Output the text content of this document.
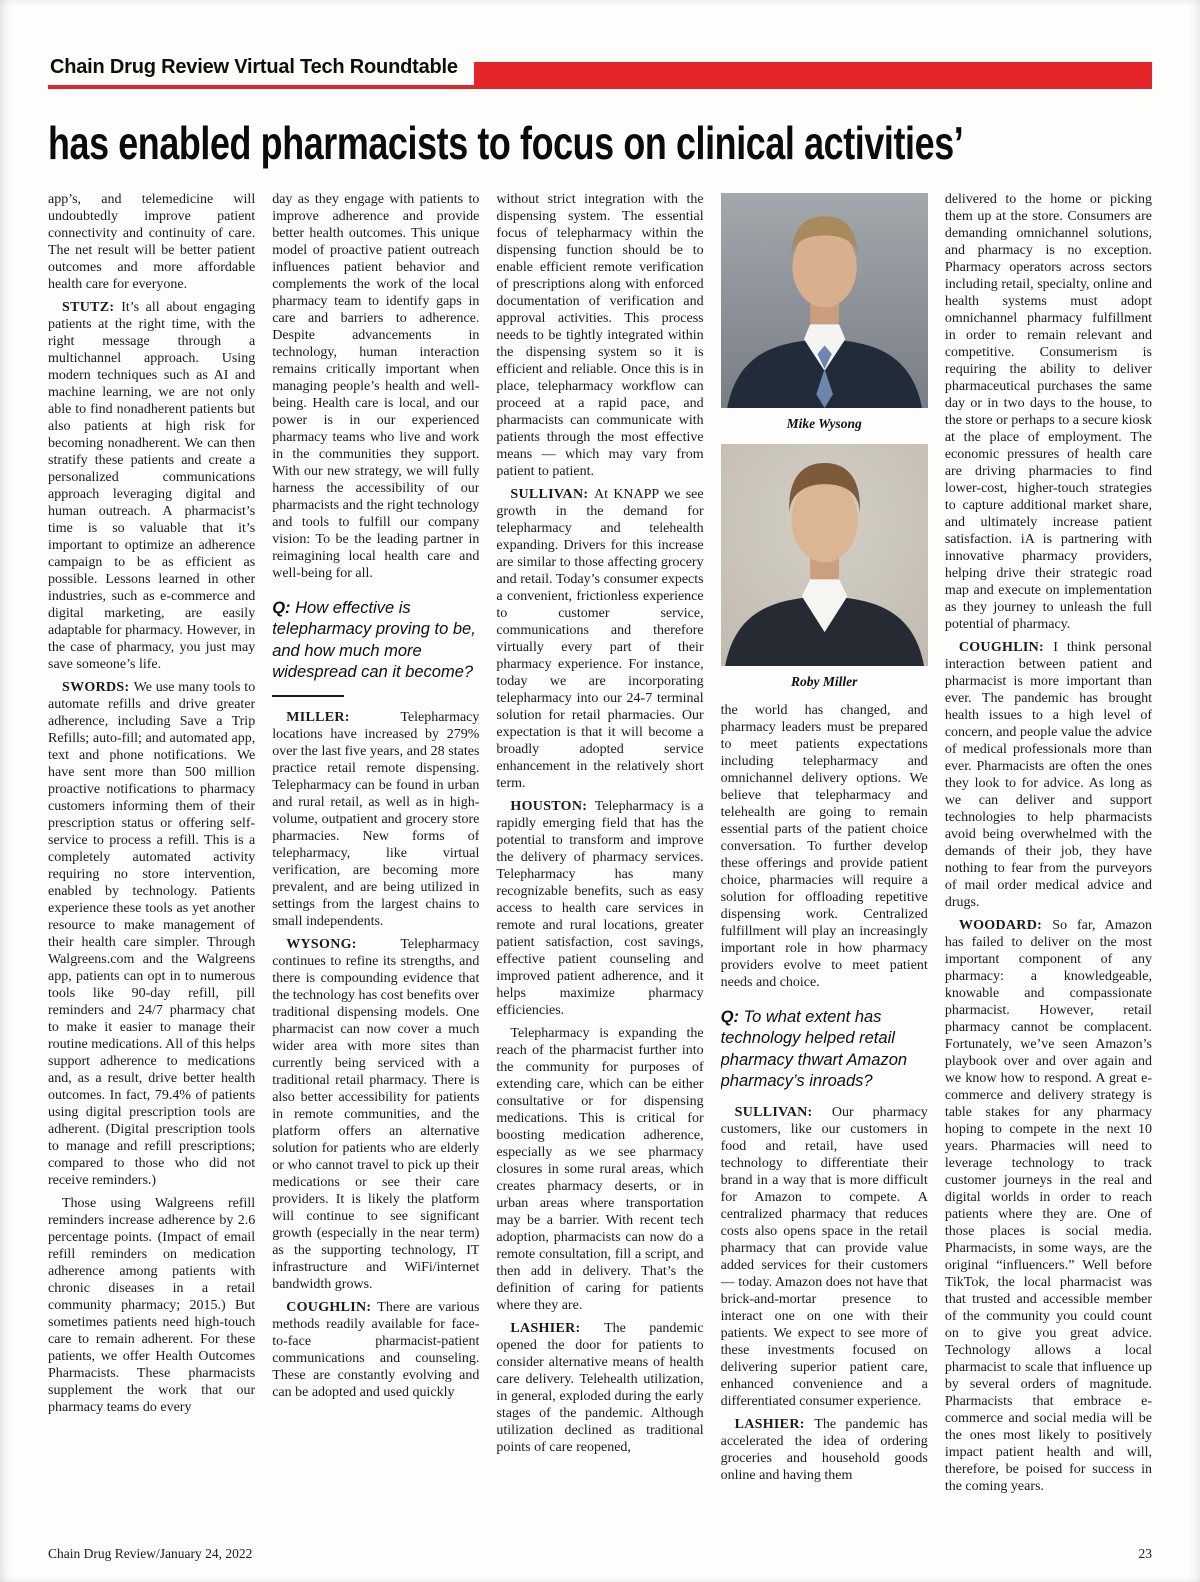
Chain Drug Review Virtual Tech Roundtable
has enabled pharmacists to focus on clinical activities’

app’s, and telemedicine will undoubtedly improve patient connectivity and continuity of care. The net result will be better patient outcomes and more affordable health care for everyone.

STUTZ: It’s all about engaging patients at the right time, with the right message through a multichannel approach. Using modern techniques such as AI and machine learning, we are not only able to find nonadherent patients but also patients at high risk for becoming nonadherent. We can then stratify these patients and create a personalized communications approach leveraging digital and human outreach. A pharmacist’s time is so valuable that it’s important to optimize an adherence campaign to be as efficient as possible. Lessons learned in other industries, such as e-commerce and digital marketing, are easily adaptable for pharmacy. However, in the case of pharmacy, you just may save someone’s life.

SWORDS: We use many tools to automate refills and drive greater adherence, including Save a Trip Refills; auto-fill; and automated app, text and phone notifications. We have sent more than 500 million proactive notifications to pharmacy customers informing them of their prescription status or offering self-service to process a refill. This is a completely automated activity requiring no store intervention, enabled by technology. Patients experience these tools as yet another resource to make management of their health care simpler. Through Walgreens.com and the Walgreens app, patients can opt in to numerous tools like 90-day refill, pill reminders and 24/7 pharmacy chat to make it easier to manage their routine medications. All of this helps support adherence to medications and, as a result, drive better health outcomes. In fact, 79.4% of patients using digital prescription tools are adherent. (Digital prescription tools to manage and refill prescriptions; compared to those who did not receive reminders.)

Those using Walgreens refill reminders increase adherence by 2.6 percentage points. (Impact of email refill reminders on medication adherence among patients with chronic diseases in a retail community pharmacy; 2015.) But sometimes patients need high-touch care to remain adherent. For these patients, we offer Health Outcomes Pharmacists. These pharmacists supplement the work that our pharmacy teams do every

day as they engage with patients to improve adherence and provide better health outcomes. This unique model of proactive patient outreach influences patient behavior and complements the work of the local pharmacy team to identify gaps in care and barriers to adherence. Despite advancements in technology, human interaction remains critically important when managing people’s health and well-being. Health care is local, and our power is in our experienced pharmacy teams who live and work in the communities they support. With our new strategy, we will fully harness the accessibility of our pharmacists and the right technology and tools to fulfill our company vision: To be the leading partner in reimagining local health care and well-being for all.

Q: How effective is telepharmacy proving to be, and how much more widespread can it become?

MILLER: Telepharmacy locations have increased by 279% over the last five years, and 28 states practice retail remote dispensing. Telepharmacy can be found in urban and rural retail, as well as in high-volume, outpatient and grocery store pharmacies. New forms of telepharmacy, like virtual verification, are becoming more prevalent, and are being utilized in settings from the largest chains to small independents.

WYSONG: Telepharmacy continues to refine its strengths, and there is compounding evidence that the technology has cost benefits over traditional dispensing models. One pharmacist can now cover a much wider area with more sites than currently being serviced with a traditional retail pharmacy. There is also better accessibility for patients in remote communities, and the platform offers an alternative solution for patients who are elderly or who cannot travel to pick up their medications or see their care providers. It is likely the platform will continue to see significant growth (especially in the near term) as the supporting technology, IT infrastructure and WiFi/internet bandwidth grows.

COUGHLIN: There are various methods readily available for face-to-face pharmacist-patient communications and counseling. These are constantly evolving and can be adopted and used quickly

without strict integration with the dispensing system. The essential focus of telepharmacy within the dispensing function should be to enable efficient remote verification of prescriptions along with enforced documentation of verification and approval activities. This process needs to be tightly integrated within the dispensing system so it is efficient and reliable. Once this is in place, telepharmacy workflow can proceed at a rapid pace, and pharmacists can communicate with patients through the most effective means — which may vary from patient to patient.

SULLIVAN: At KNAPP we see growth in the demand for telepharmacy and telehealth expanding. Drivers for this increase are similar to those affecting grocery and retail. Today’s consumer expects a convenient, frictionless experience to customer service, communications and therefore virtually every part of their pharmacy experience. For instance, today we are incorporating telepharmacy into our 24-7 terminal solution for retail pharmacies. Our expectation is that it will become a broadly adopted service enhancement in the relatively short term.

HOUSTON: Telepharmacy is a rapidly emerging field that has the potential to transform and improve the delivery of pharmacy services. Telepharmacy has many recognizable benefits, such as easy access to health care services in remote and rural locations, greater patient satisfaction, cost savings, effective patient counseling and improved patient adherence, and it helps maximize pharmacy efficiencies.

Telepharmacy is expanding the reach of the pharmacist further into the community for purposes of extending care, which can be either consultative or for dispensing medications. This is critical for boosting medication adherence, especially as we see pharmacy closures in some rural areas, which creates pharmacy deserts, or in urban areas where transportation may be a barrier. With recent tech adoption, pharmacists can now do a remote consultation, fill a script, and then add in delivery. That’s the definition of caring for patients where they are.

LASHIER: The pandemic opened the door for patients to consider alternative means of health care delivery. Telehealth utilization, in general, exploded during the early stages of the pandemic. Although utilization declined as traditional points of care reopened,

Mike Wysong
Roby Miller

the world has changed, and pharmacy leaders must be prepared to meet patients expectations including telepharmacy and omnichannel delivery options. We believe that telepharmacy and telehealth are going to remain essential parts of the patient choice conversation. To further develop these offerings and provide patient choice, pharmacies will require a solution for offloading repetitive dispensing work. Centralized fulfillment will play an increasingly important role in how pharmacy providers evolve to meet patient needs and choice.

Q: To what extent has technology helped retail pharmacy thwart Amazon pharmacy’s inroads?

SULLIVAN: Our pharmacy customers, like our customers in food and retail, have used technology to differentiate their brand in a way that is more difficult for Amazon to compete. A centralized pharmacy that reduces costs also opens space in the retail pharmacy that can provide value added services for their customers — today. Amazon does not have that brick-and-mortar presence to interact one on one with their patients. We expect to see more of these investments focused on delivering superior patient care, enhanced convenience and a differentiated consumer experience.

LASHIER: The pandemic has accelerated the idea of ordering groceries and household goods online and having them

delivered to the home or picking them up at the store. Consumers are demanding omnichannel solutions, and pharmacy is no exception. Pharmacy operators across sectors including retail, specialty, online and health systems must adopt omnichannel pharmacy fulfillment in order to remain relevant and competitive. Consumerism is requiring the ability to deliver pharmaceutical purchases the same day or in two days to the house, to the store or perhaps to a secure kiosk at the place of employment. The economic pressures of health care are driving pharmacies to find lower-cost, higher-touch strategies to capture additional market share, and ultimately increase patient satisfaction. iA is partnering with innovative pharmacy providers, helping drive their strategic road map and execute on implementation as they journey to unleash the full potential of pharmacy.

COUGHLIN: I think personal interaction between patient and pharmacist is more important than ever. The pandemic has brought health issues to a high level of concern, and people value the advice of medical professionals more than ever. Pharmacists are often the ones they look to for advice. As long as we can deliver and support technologies to help pharmacists avoid being overwhelmed with the demands of their job, they have nothing to fear from the purveyors of mail order medical advice and drugs.

WOODARD: So far, Amazon has failed to deliver on the most important component of any pharmacy: a knowledgeable, knowable and compassionate pharmacist. However, retail pharmacy cannot be complacent. Fortunately, we’ve seen Amazon’s playbook over and over again and we know how to respond. A great e-commerce and delivery strategy is table stakes for any pharmacy hoping to compete in the next 10 years. Pharmacies will need to leverage technology to track customer journeys in the real and digital worlds in order to reach patients where they are. One of those places is social media. Pharmacists, in some ways, are the original “influencers.” Well before TikTok, the local pharmacist was that trusted and accessible member of the community you could count on to give you great advice. Technology allows a local pharmacist to scale that influence up by several orders of magnitude. Pharmacists that embrace e-commerce and social media will be the ones most likely to positively impact patient health and will, therefore, be poised for success in the coming years.

Chain Drug Review/January 24, 2022	23
